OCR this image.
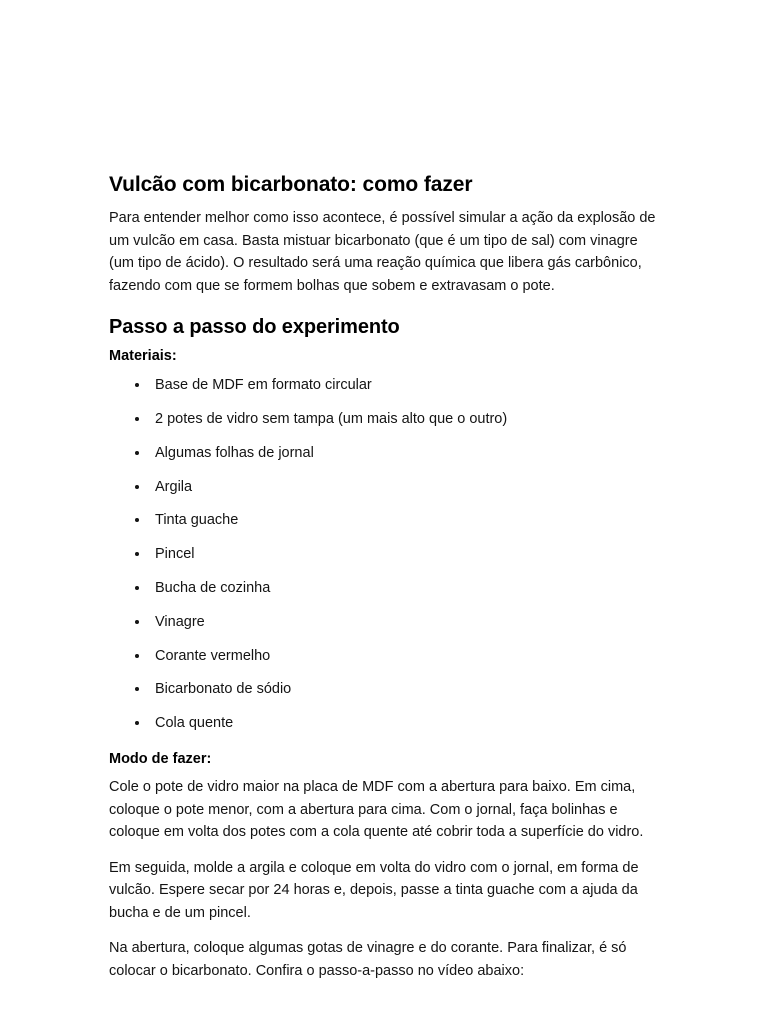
Vulcão com bicarbonato: como fazer

Para entender melhor como isso acontece, é possível simular a ação da explosão de um vulcão em casa. Basta mistuar bicarbonato (que é um tipo de sal) com vinagre (um tipo de ácido). O resultado será uma reação química que libera gás carbônico, fazendo com que se formem bolhas que sobem e extravasam o pote.

Passo a passo do experimento
Materiais:
Base de MDF em formato circular
2 potes de vidro sem tampa (um mais alto que o outro)
Algumas folhas de jornal
Argila
Tinta guache
Pincel
Bucha de cozinha
Vinagre
Corante vermelho
Bicarbonato de sódio
Cola quente
Modo de fazer:

Cole o pote de vidro maior na placa de MDF com a abertura para baixo. Em cima, coloque o pote menor, com a abertura para cima. Com o jornal, faça bolinhas e coloque em volta dos potes com a cola quente até cobrir toda a superfície do vidro.

Em seguida, molde a argila e coloque em volta do vidro com o jornal, em forma de vulcão. Espere secar por 24 horas e, depois, passe a tinta guache com a ajuda da bucha e de um pincel.

Na abertura, coloque algumas gotas de vinagre e do corante. Para finalizar, é só colocar o bicarbonato. Confira o passo-a-passo no vídeo abaixo:
